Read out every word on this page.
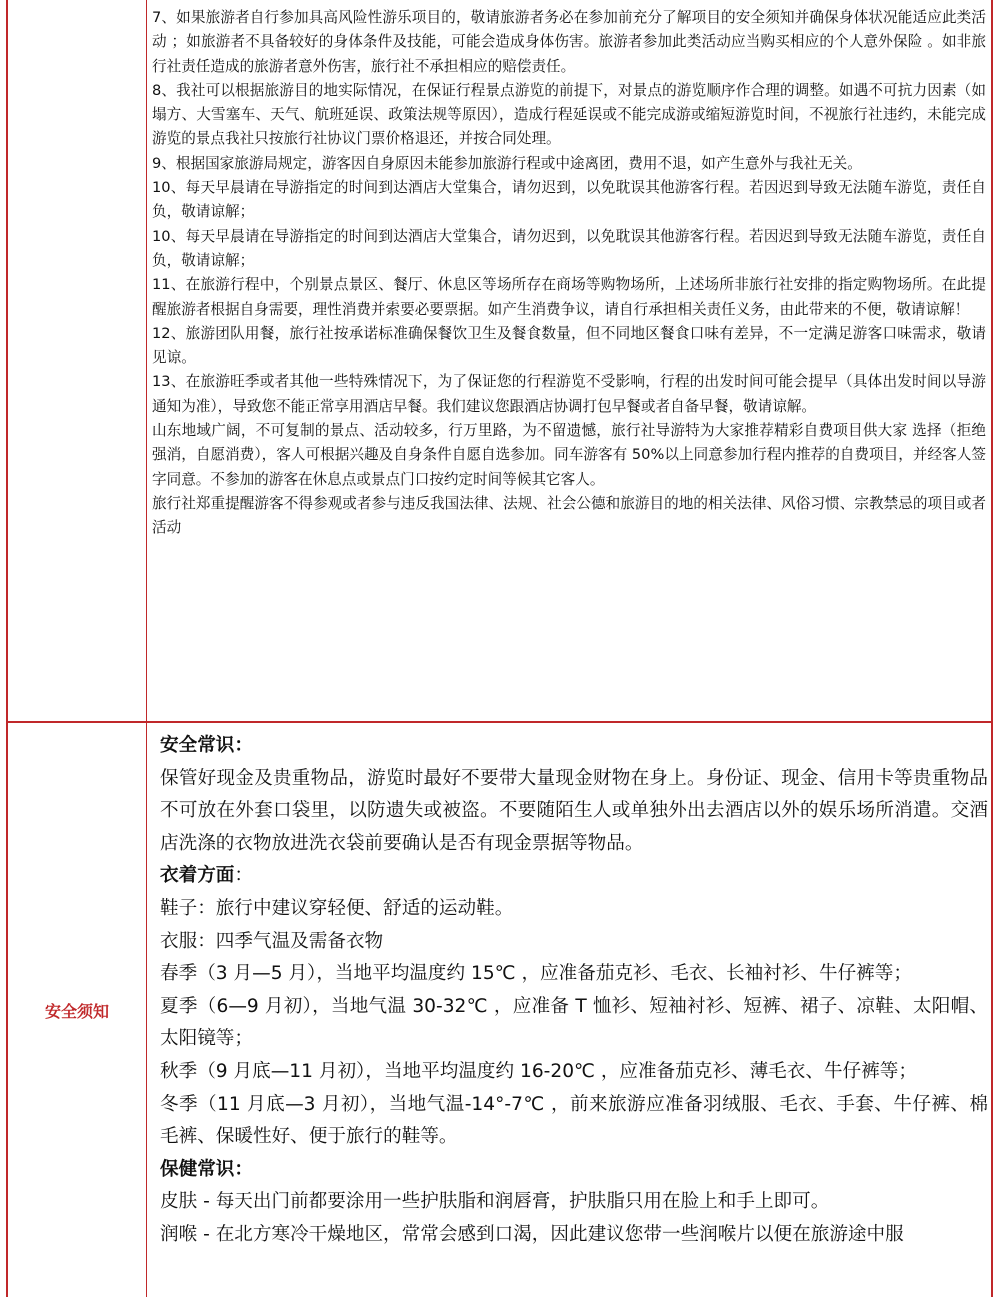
7、如果旅游者自行参加具高风险性游乐项目的，敬请旅游者务必在参加前充分了解项目的安全须知并确保身体状况能适应此类活动 ；如旅游者不具备较好的身体条件及技能，可能会造成身体伤害。旅游者参加此类活动应当购买相应的个人意外保险 。如非旅行社责任造成的旅游者意外伤害，旅行社不承担相应的赔偿责任。

8、我社可以根据旅游目的地实际情况，在保证行程景点游览的前提下，对景点的游览顺序作合理的调整。如遇不可抗力因素（如塌方、大雪塞车、天气、航班延误、政策法规等原因），造成行程延误或不能完成游或缩短游览时间，不视旅行社违约，未能完成游览的景点我社只按旅行社协议门票价格退还，并按合同处理。

9、根据国家旅游局规定，游客因自身原因未能参加旅游行程或中途离团，费用不退，如产生意外与我社无关。

10、每天早晨请在导游指定的时间到达酒店大堂集合，请勿迟到，以免耽误其他游客行程。若因迟到导致无法随车游览，责任自负，敬请谅解；

10、每天早晨请在导游指定的时间到达酒店大堂集合，请勿迟到，以免耽误其他游客行程。若因迟到导致无法随车游览，责任自负，敬请谅解；

11、在旅游行程中，个别景点景区、餐厅、休息区等场所存在商场等购物场所，上述场所非旅行社安排的指定购物场所。在此提醒旅游者根据自身需要，理性消费并索要必要票据。如产生消费争议，请自行承担相关责任义务，由此带来的不便，敬请谅解！

12、旅游团队用餐，旅行社按承诺标准确保餐饮卫生及餐食数量，但不同地区餐食口味有差异，不一定满足游客口味需求，敬请见谅。

13、在旅游旺季或者其他一些特殊情况下，为了保证您的行程游览不受影响，行程的出发时间可能会提早（具体出发时间以导游通知为准），导致您不能正常享用酒店早餐。我们建议您跟酒店协调打包早餐或者自备早餐，敬请谅解。

山东地域广阔，不可复制的景点、活动较多，行万里路，为不留遗憾，旅行社导游特为大家推荐精彩自费项目供大家 选择（拒绝强消，自愿消费），客人可根据兴趣及自身条件自愿自选参加。同车游客有 50%以上同意参加行程内推荐的自费项目，并经客人签字同意。不参加的游客在休息点或景点门口按约定时间等候其它客人。

旅行社郑重提醒游客不得参观或者参与违反我国法律、法规、社会公德和旅游目的地的相关法律、风俗习惯、宗教禁忌的项目或者活动

安全须知

安全常识：

保管好现金及贵重物品，游览时最好不要带大量现金财物在身上。身份证、现金、信用卡等贵重物品不可放在外套口袋里，以防遗失或被盗。不要随陌生人或单独外出去酒店以外的娱乐场所消遣。交酒店洗涤的衣物放进洗衣袋前要确认是否有现金票据等物品。

衣着方面：

鞋子：旅行中建议穿轻便、舒适的运动鞋。

衣服：四季气温及需备衣物

春季（3 月—5 月），当地平均温度约 15℃ ，应准备茄克衫、毛衣、长袖衬衫、牛仔裤等；

夏季（6—9 月初），当地气温 30-32℃ ，应准备 T 恤衫、短袖衬衫、短裤、裙子、凉鞋、太阳帽、太阳镜等；

秋季（9 月底—11 月初），当地平均温度约 16-20℃ ，应准备茄克衫、薄毛衣、牛仔裤等；

冬季（11 月底—3 月初），当地气温-14°-7℃ ，前来旅游应准备羽绒服、毛衣、手套、牛仔裤、棉毛裤、保暖性好、便于旅行的鞋等。

保健常识：

皮肤 - 每天出门前都要涂用一些护肤脂和润唇膏，护肤脂只用在脸上和手上即可。

润喉 - 在北方寒冷干燥地区，常常会感到口渴，因此建议您带一些润喉片以便在旅游途中服
